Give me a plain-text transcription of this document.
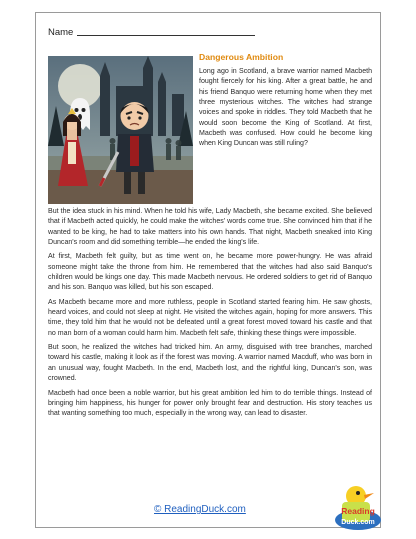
Name
Dangerous Ambition

Long ago in Scotland, a brave warrior named Macbeth fought fiercely for his king. After a great battle, he and his friend Banquo were returning home when they met three mysterious witches. The witches had strange voices and spoke in riddles. They told Macbeth that he would soon become the King of Scotland. At first, Macbeth was confused. How could he become king when King Duncan was still ruling?

But the idea stuck in his mind. When he told his wife, Lady Macbeth, she became excited. She believed that if Macbeth acted quickly, he could make the witches' words come true. She convinced him that if he wanted to be king, he had to take matters into his own hands. That night, Macbeth sneaked into King Duncan's room and did something terrible—he ended the king's life.

At first, Macbeth felt guilty, but as time went on, he became more power-hungry. He was afraid someone might take the throne from him. He remembered that the witches had also said Banquo's children would be kings one day. This made Macbeth nervous. He ordered soldiers to get rid of Banquo and his son. Banquo was killed, but his son escaped.

As Macbeth became more and more ruthless, people in Scotland started fearing him. He saw ghosts, heard voices, and could not sleep at night. He visited the witches again, hoping for more answers. This time, they told him that he would not be defeated until a great forest moved toward his castle and that no man born of a woman could harm him. Macbeth felt safe, thinking these things were impossible.

But soon, he realized the witches had tricked him. An army, disguised with tree branches, marched toward his castle, making it look as if the forest was moving. A warrior named Macduff, who was born in an unusual way, fought Macbeth. In the end, Macbeth lost, and the rightful king, Duncan's son, was crowned.

Macbeth had once been a noble warrior, but his great ambition led him to do terrible things. Instead of bringing him happiness, his hunger for power only brought fear and destruction. His story teaches us that wanting something too much, especially in the wrong way, can lead to disaster.

© ReadingDuck.com	Reading
Duck.com
